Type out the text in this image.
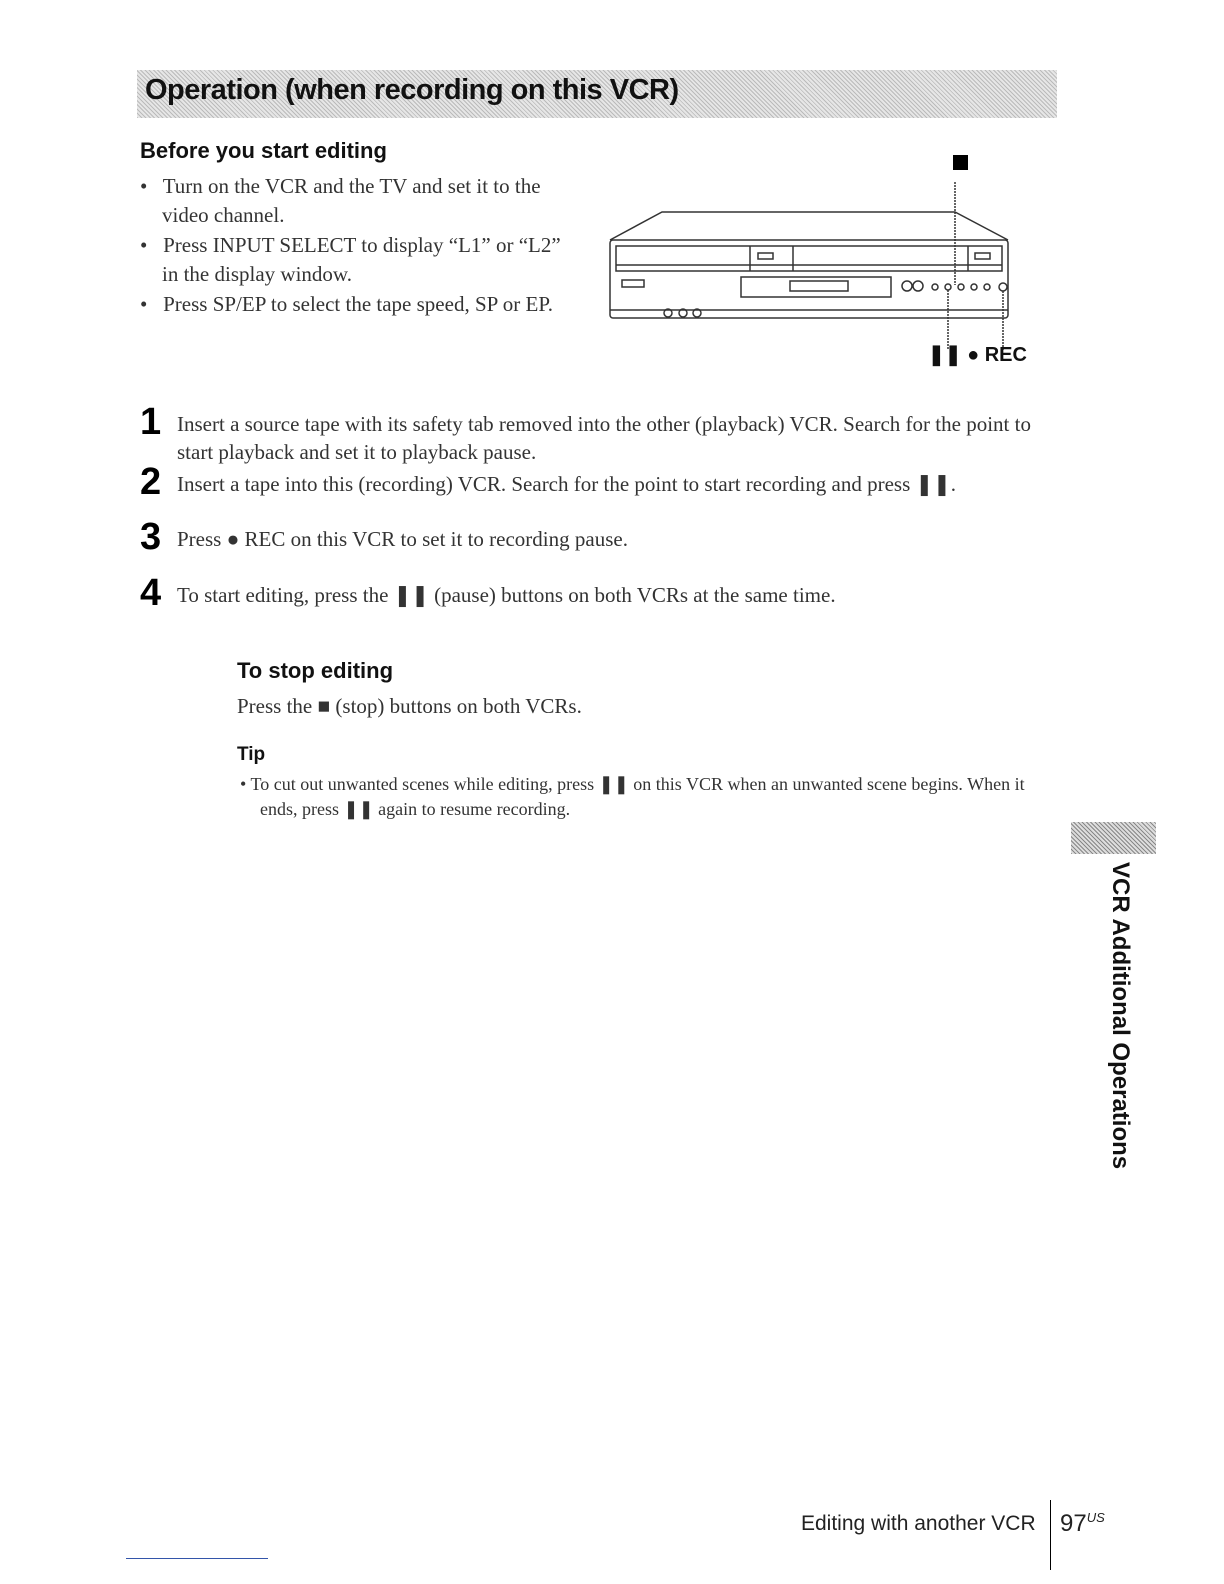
Operation (when recording on this VCR)
Before you start editing
•   Turn on the VCR and the TV and set it to the video channel.
•   Press INPUT SELECT to display “L1” or “L2” in the display window.
•   Press SP/EP to select the tape speed, SP or EP.
❚❚ ● REC
1 Insert a source tape with its safety tab removed into the other (playback) VCR. Search for the point to start playback and set it to playback pause.
2 Insert a tape into this (recording) VCR. Search for the point to start recording and press ❚❚.
3 Press ● REC on this VCR to set it to recording pause.
4 To start editing, press the ❚❚ (pause) buttons on both VCRs at the same time.
To stop editing
Press the ■ (stop) buttons on both VCRs.
Tip
• To cut out unwanted scenes while editing, press ❚❚ on this VCR when an unwanted scene begins. When it ends, press ❚❚ again to resume recording.
VCR Additional Operations
Editing with another VCR $97^{US}$
